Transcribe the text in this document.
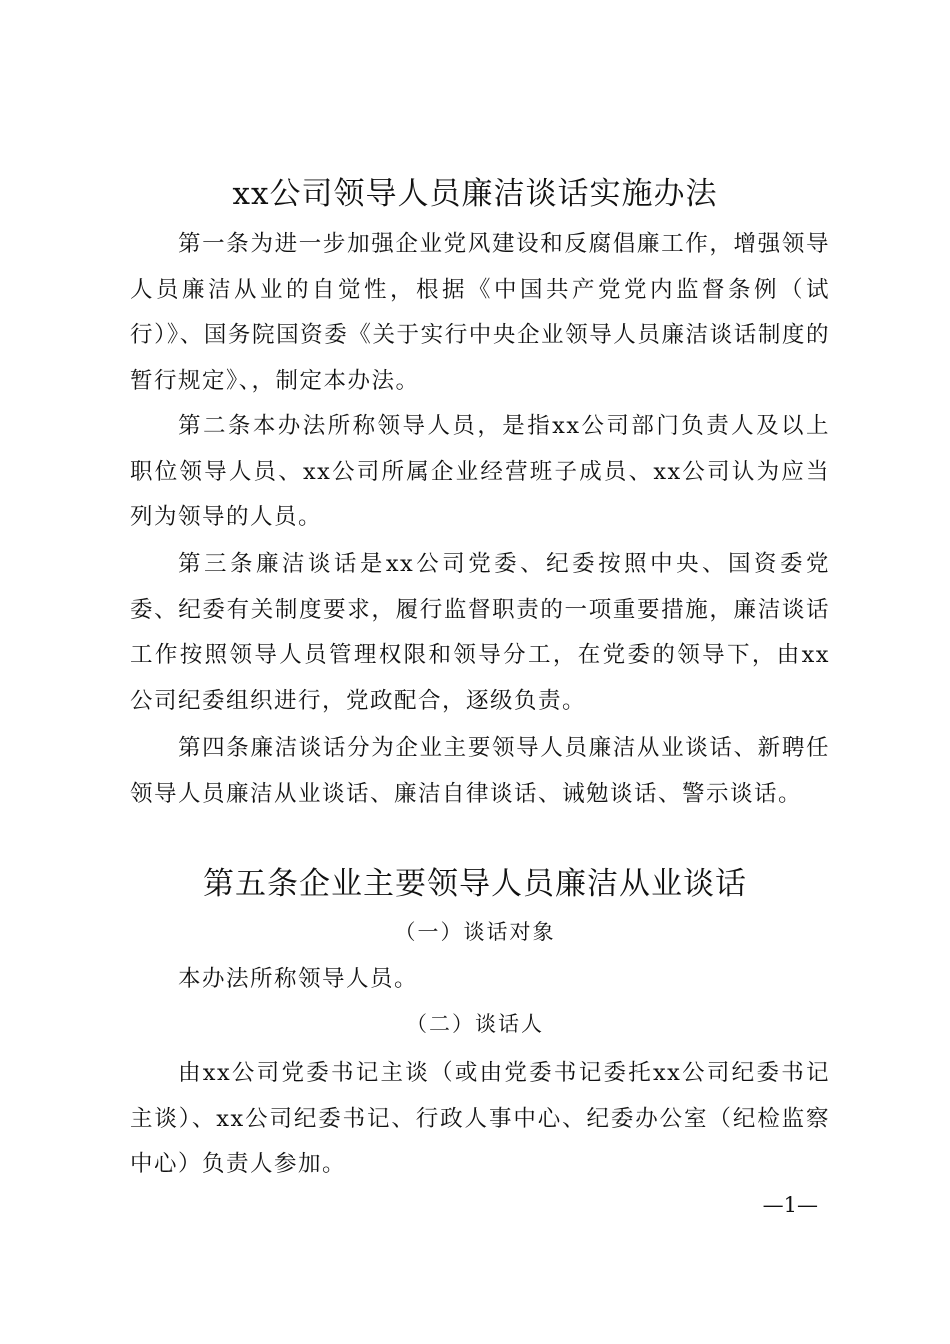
xx公司领导人员廉洁谈话实施办法

第一条为进一步加强企业党风建设和反腐倡廉工作，增强领导人员廉洁从业的自觉性，根据《中国共产党党内监督条例（试行）》、国务院国资委《关于实行中央企业领导人员廉洁谈话制度的暂行规定》、，制定本办法。

第二条本办法所称领导人员，是指xx公司部门负责人及以上职位领导人员、xx公司所属企业经营班子成员、xx公司认为应当列为领导的人员。

第三条廉洁谈话是xx公司党委、纪委按照中央、国资委党委、纪委有关制度要求，履行监督职责的一项重要措施，廉洁谈话工作按照领导人员管理权限和领导分工，在党委的领导下，由xx公司纪委组织进行，党政配合，逐级负责。

第四条廉洁谈话分为企业主要领导人员廉洁从业谈话、新聘任领导人员廉洁从业谈话、廉洁自律谈话、诫勉谈话、警示谈话。

第五条企业主要领导人员廉洁从业谈话
（一）谈话对象

本办法所称领导人员。

（二）谈话人

由xx公司党委书记主谈（或由党委书记委托xx公司纪委书记主谈）、xx公司纪委书记、行政人事中心、纪委办公室（纪检监察中心）负责人参加。

—1—
